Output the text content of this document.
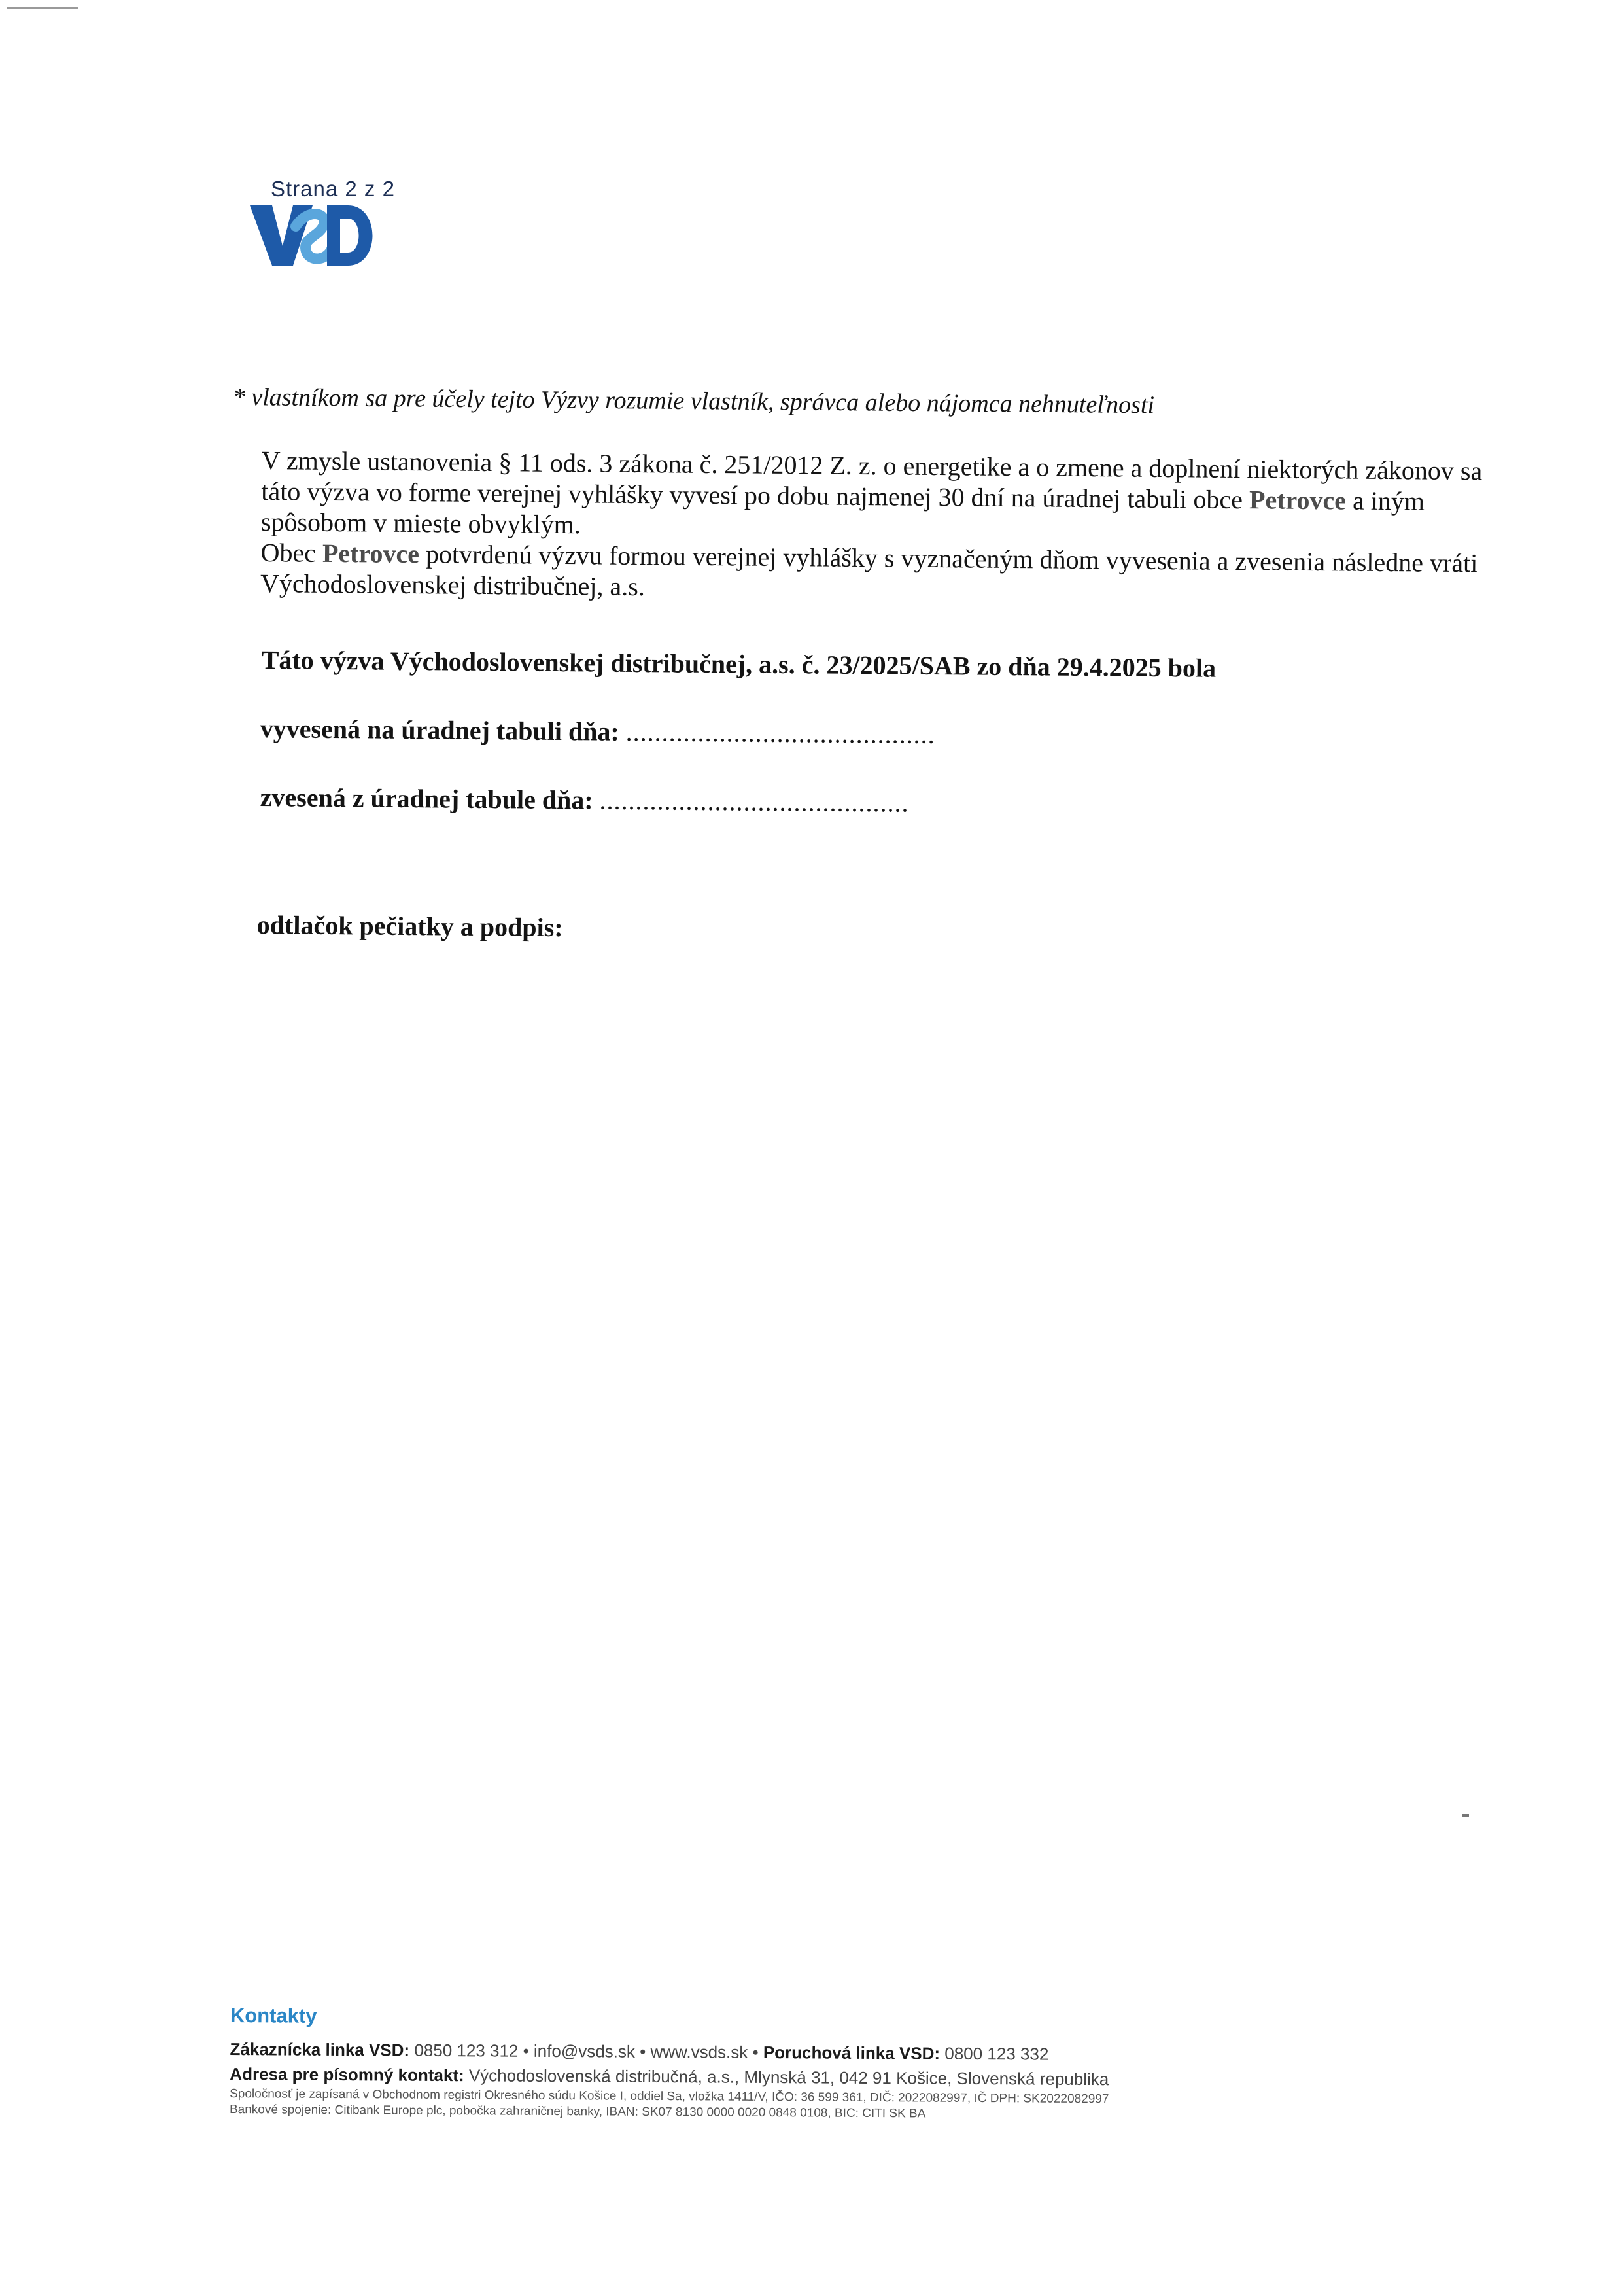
Strana 2 z 2
* vlastníkom sa pre účely tejto Výzvy rozumie vlastník, správca alebo nájomca nehnuteľnosti

V zmysle ustanovenia § 11 ods. 3 zákona č. 251/2012 Z. z. o energetike a o zmene a doplnení niektorých zákonov sa táto výzva vo forme verejnej vyhlášky vyvesí po dobu najmenej 30 dní na úradnej tabuli obce Petrovce a iným spôsobom v mieste obvyklým.

Obec Petrovce potvrdenú výzvu formou verejnej vyhlášky s vyznačeným dňom vyvesenia a zvesenia následne vráti Východoslovenskej distribučnej, a.s.

Táto výzva Východoslovenskej distribučnej, a.s. č. 23/2025/SAB zo dňa 29.4.2025 bola
vyvesená na úradnej tabuli dňa: ...........................................
zvesená z úradnej tabule dňa: ...........................................
odtlačok pečiatky a podpis:
Kontakty
Zákaznícka linka VSD: 0850 123 312 • info@vsds.sk • www.vsds.sk • Poruchová linka VSD: 0800 123 332
Adresa pre písomný kontakt: Východoslovenská distribučná, a.s., Mlynská 31, 042 91 Košice, Slovenská republika
Spoločnosť je zapísaná v Obchodnom registri Okresného súdu Košice I, oddiel Sa, vložka 1411/V, IČO: 36 599 361, DIČ: 2022082997, IČ DPH: SK2022082997
Bankové spojenie: Citibank Europe plc, pobočka zahraničnej banky, IBAN: SK07 8130 0000 0020 0848 0108, BIC: CITI SK BA
